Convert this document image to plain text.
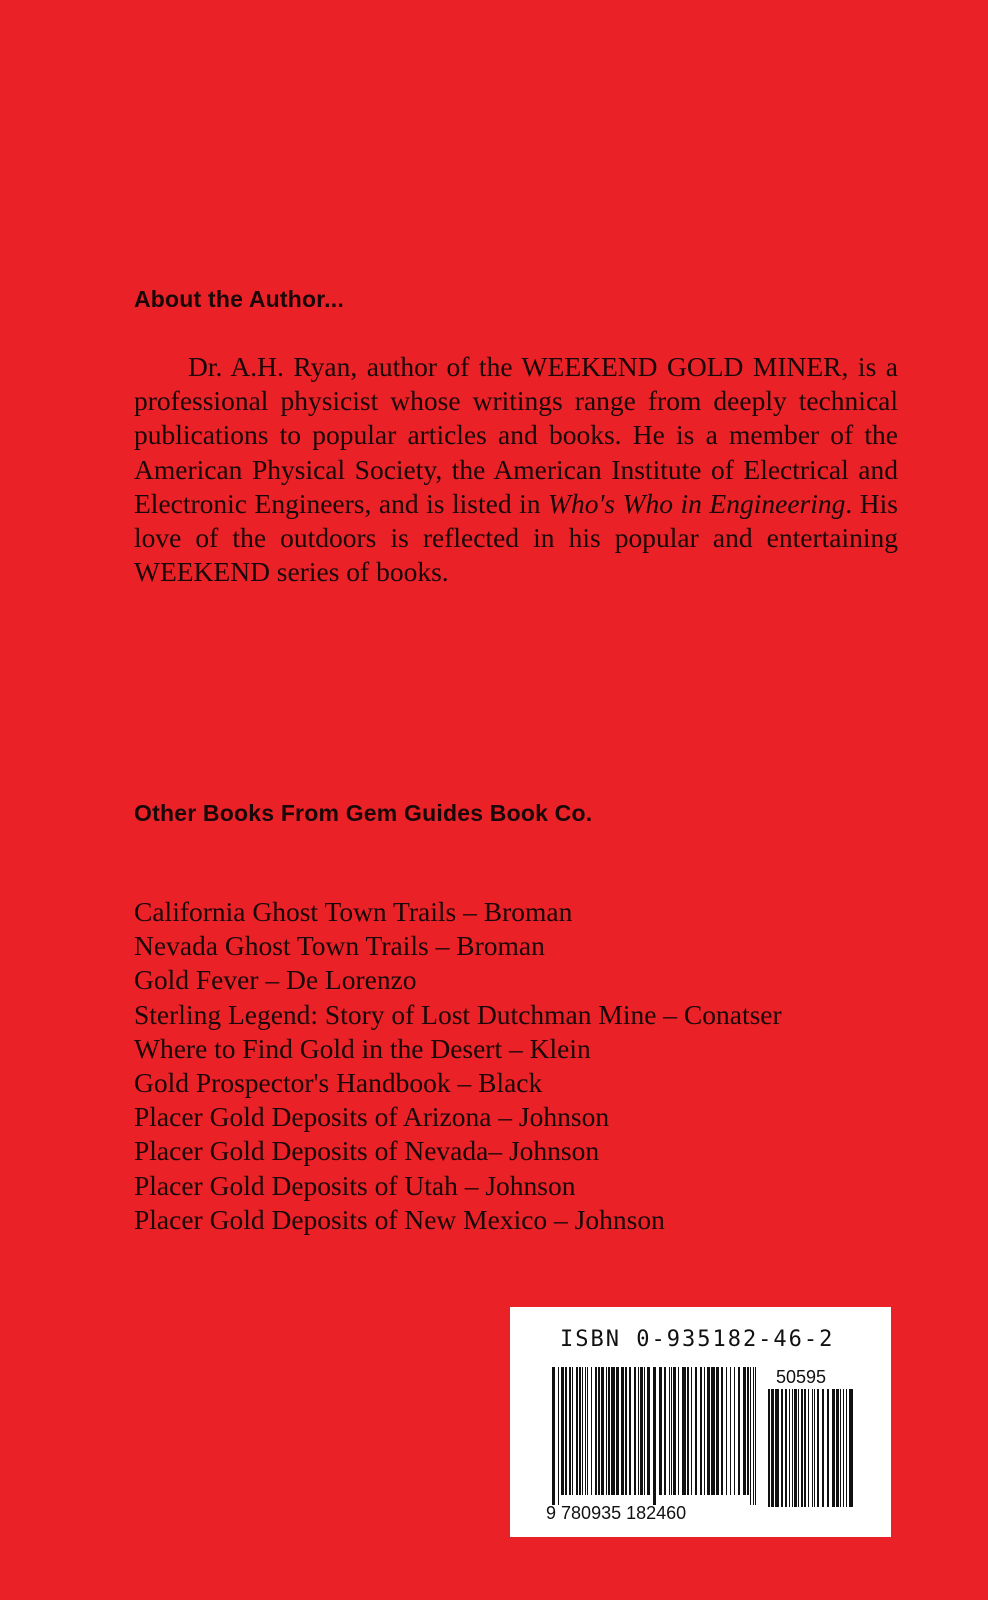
About the Author...

Dr. A.H. Ryan, author of the WEEKEND GOLD MINER, is a professional physicist whose writings range from deeply technical publications to popular articles and books. He is a member of the American Physical Society, the American Institute of Electrical and Electronic Engineers, and is listed in Who's Who in Engineering. His love of the outdoors is reflected in his popular and entertaining WEEKEND series of books.

Other Books From Gem Guides Book Co.
California Ghost Town Trails – Broman
Nevada Ghost Town Trails – Broman
Gold Fever – De Lorenzo
Sterling Legend: Story of Lost Dutchman Mine – Conatser
Where to Find Gold in the Desert – Klein
Gold Prospector's Handbook – Black
Placer Gold Deposits of Arizona – Johnson
Placer Gold Deposits of Nevada– Johnson
Placer Gold Deposits of Utah – Johnson
Placer Gold Deposits of New Mexico – Johnson
ISBN 0-935182-46-2
50595
9 780935 182460
